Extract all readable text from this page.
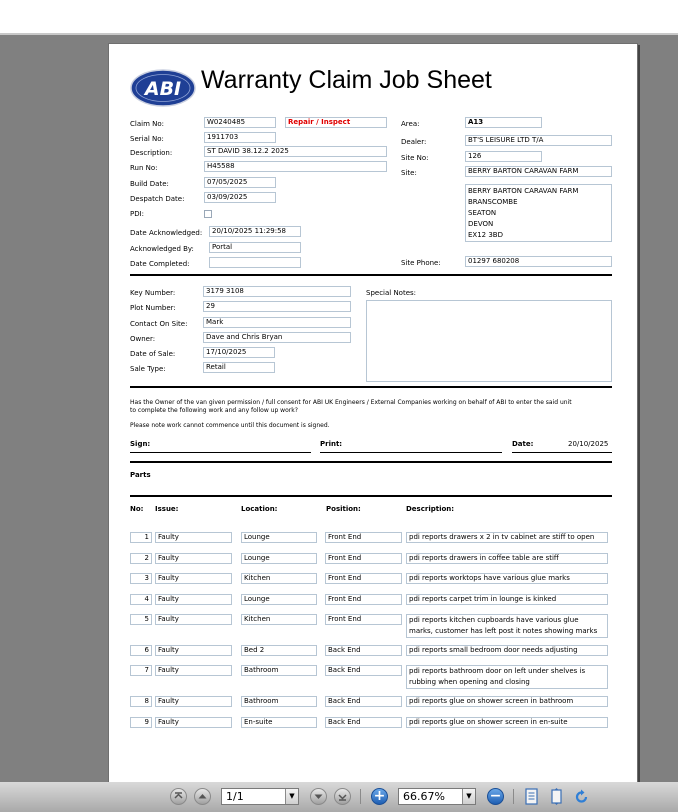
ABI Warranty Claim Job Sheet
Claim No:	W0240485	Repair / Inspect
Serial No:	1911703
Description:	ST DAVID 38.12.2 2025
Run No:	H45588
Build Date:	07/05/2025
Despatch Date:	03/09/2025
PDI:
Date Acknowledged:	20/10/2025 11:29:58
Acknowledged By:	Portal
Date Completed:
Area:	A13
Dealer:	BT'S LEISURE LTD T/A
Site No:	126
Site:	BERRY BARTON CARAVAN FARM
BERRY BARTON CARAVAN FARM
BRANSCOMBE
SEATON
DEVON
EX12 3BD
Site Phone:	01297 680208
Key Number:	3179 3108
Plot Number:	29
Contact On Site:	Mark
Owner:	Dave and Chris Bryan
Date of Sale:	17/10/2025
Sale Type:	Retail
Special Notes:
Has the Owner of the van given permission / full consent for ABI UK Engineers / External Companies working on behalf of ABI to enter the said unit
to complete the following work and any follow up work?
Please note work cannot commence until this document is signed.
Sign:	Print:	Date:	20/10/2025
Parts
No: Issue:	Location:	Position:	Description:
1	Faulty	Lounge	Front End	pdi reports drawers x 2 in tv cabinet are stiff to open
2	Faulty	Lounge	Front End	pdi reports drawers in coffee table are stiff
3	Faulty	Kitchen	Front End	pdi reports worktops have various glue marks
4	Faulty	Lounge	Front End	pdi reports carpet trim in lounge is kinked
5	Faulty	Kitchen	Front End	pdi reports kitchen cupboards have various glue
marks, customer has left post it notes showing marks
6	Faulty	Bed 2	Back End	pdi reports small bedroom door needs adjusting
7	Faulty	Bathroom	Back End	pdi reports bathroom door on left under shelves is
rubbing when opening and closing
8	Faulty	Bathroom	Back End	pdi reports glue on shower screen in bathroom
9	Faulty	En-suite	Back End	pdi reports glue on shower screen in en-suite
1/1	▼	+	66.67%	▼ −
